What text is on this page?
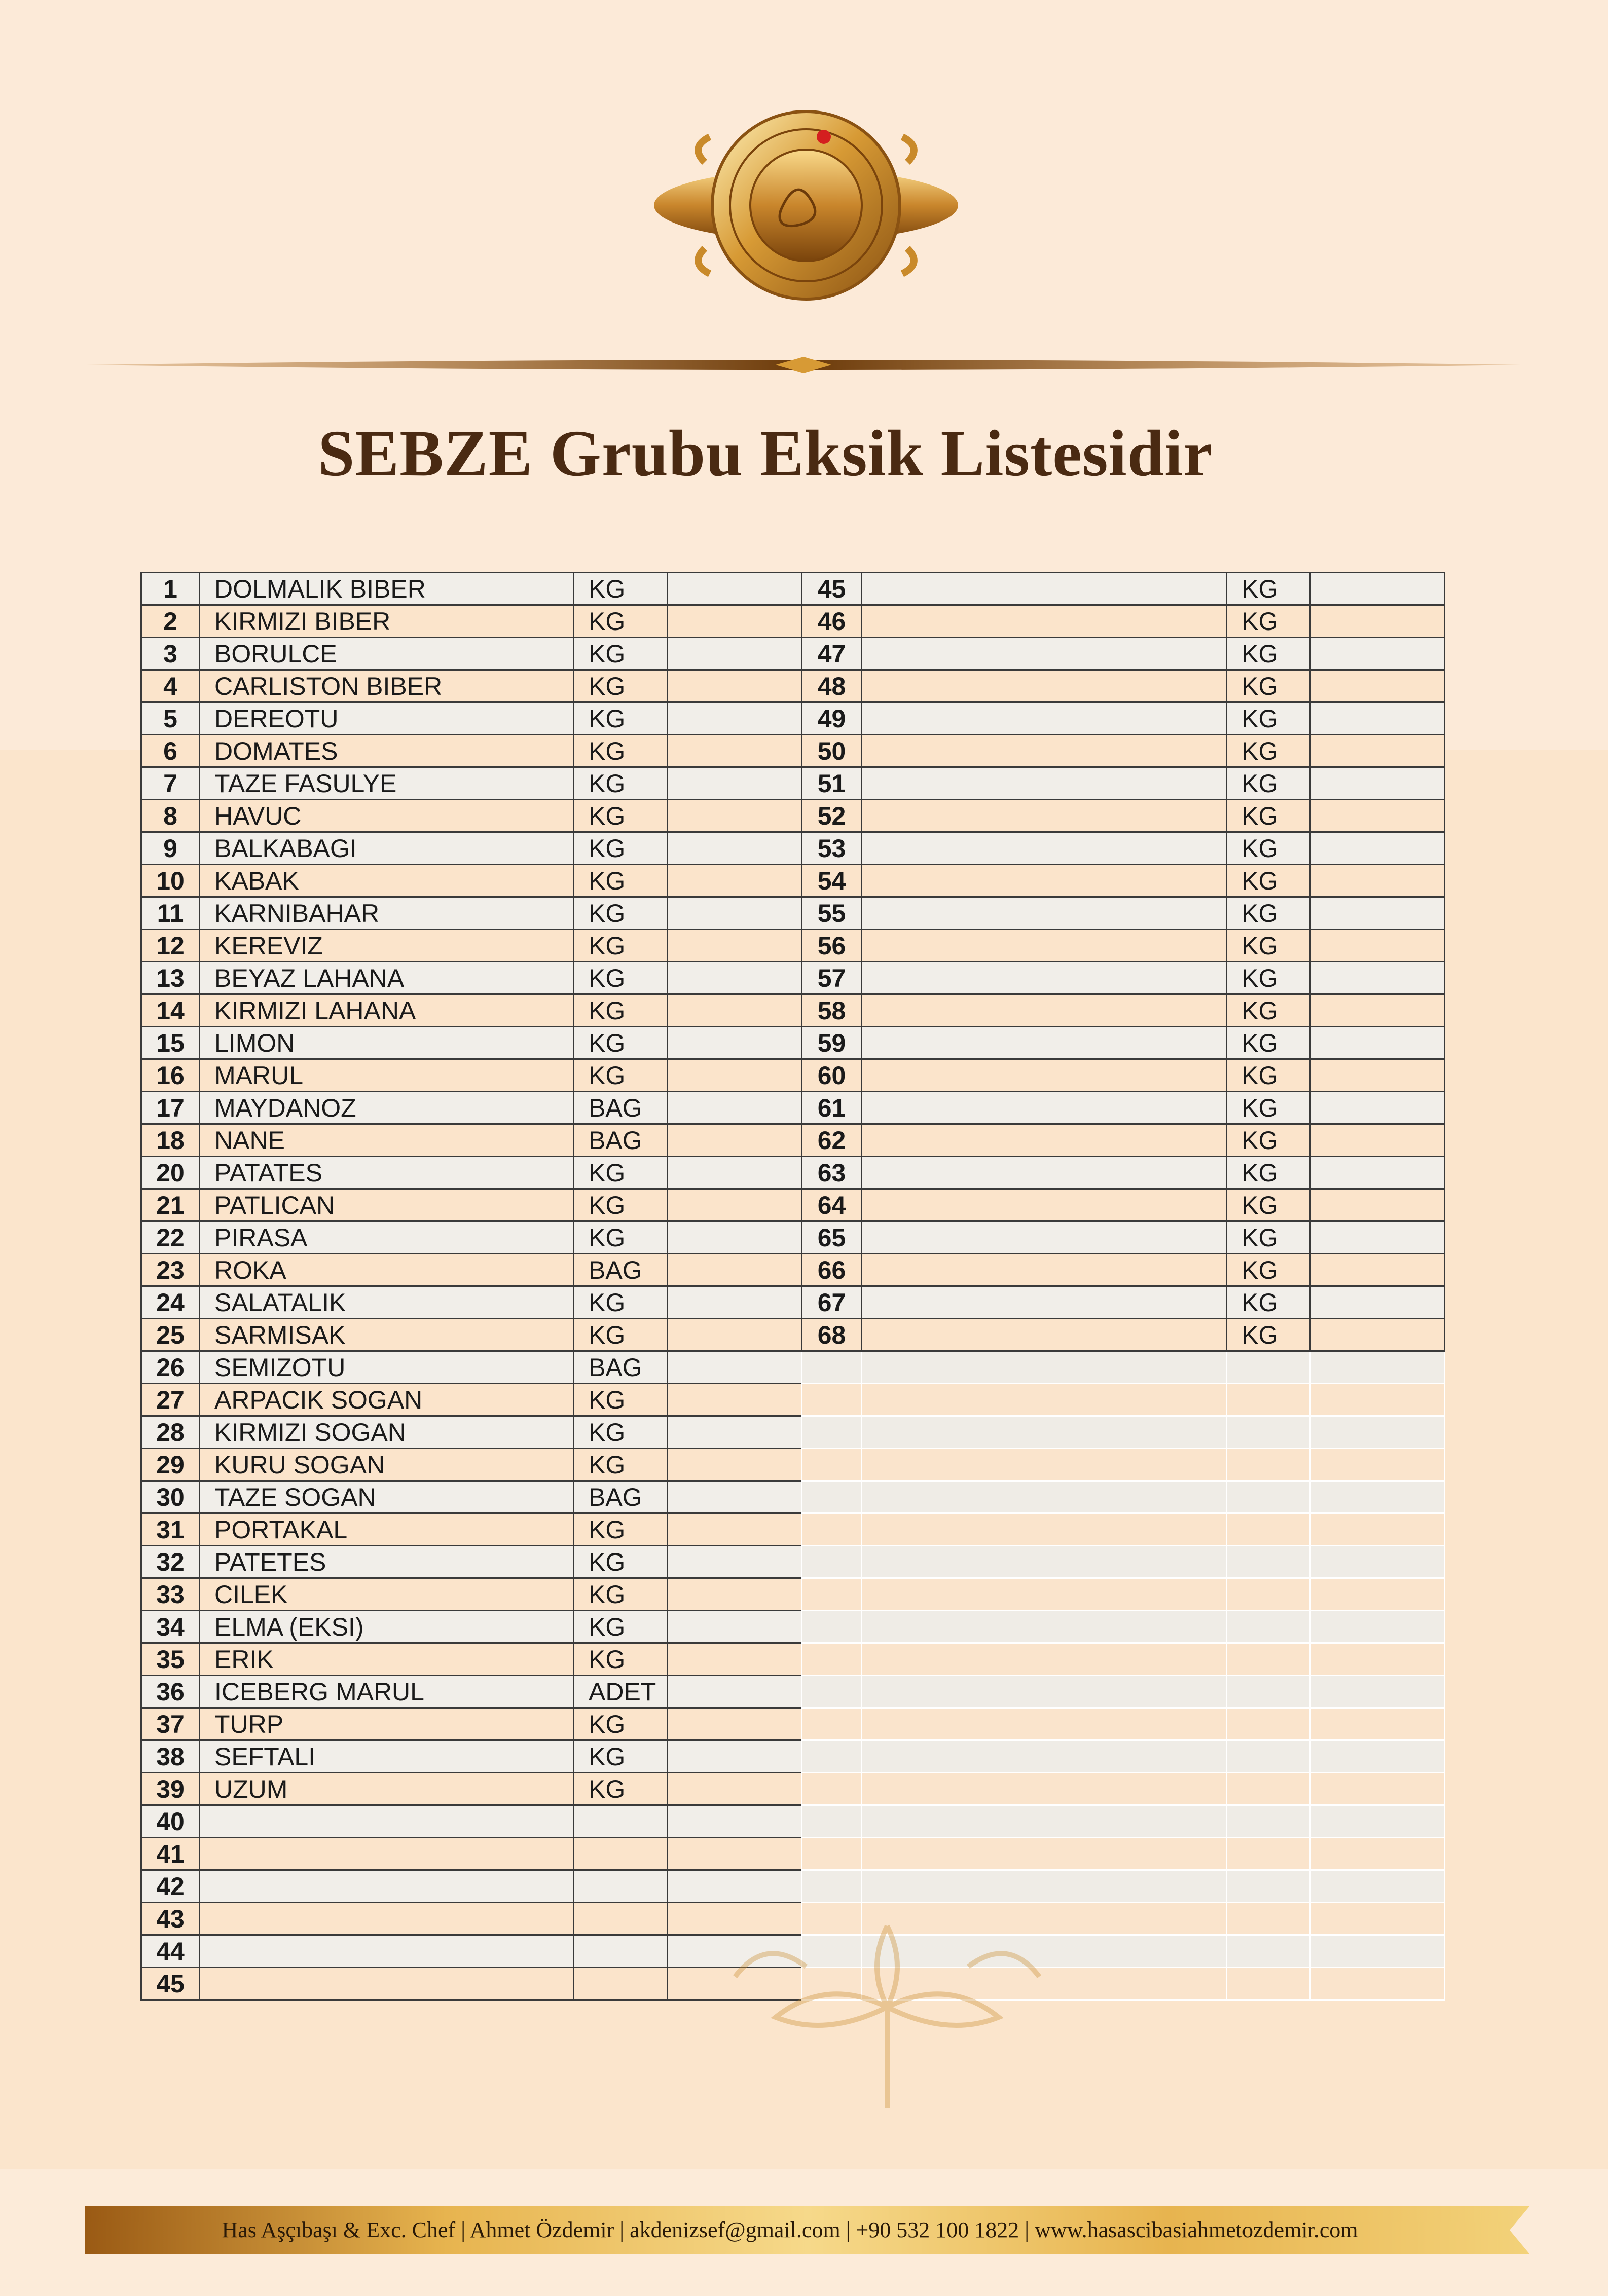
SEBZE Grubu Eksik Listesidir
1	DOLMALIK BIBER	KG	
2	KIRMIZI BIBER	KG	
3	BORULCE	KG	
4	CARLISTON BIBER	KG	
5	DEREOTU	KG	
6	DOMATES	KG	
7	TAZE FASULYE	KG	
8	HAVUC	KG	
9	BALKABAGI	KG	
10	KABAK	KG	
11	KARNIBAHAR	KG	
12	KEREVIZ	KG	
13	BEYAZ LAHANA	KG	
14	KIRMIZI LAHANA	KG	
15	LIMON	KG	
16	MARUL	KG	
17	MAYDANOZ	BAG	
18	NANE	BAG	
20	PATATES	KG	
21	PATLICAN	KG	
22	PIRASA	KG	
23	ROKA	BAG	
24	SALATALIK	KG	
25	SARMISAK	KG	
26	SEMIZOTU	BAG	
27	ARPACIK SOGAN	KG	
28	KIRMIZI SOGAN	KG	
29	KURU SOGAN	KG	
30	TAZE SOGAN	BAG	
31	PORTAKAL	KG	
32	PATETES	KG	
33	CILEK	KG	
34	ELMA (EKSI)	KG	
35	ERIK	KG	
36	ICEBERG MARUL	ADET	
37	TURP	KG	
38	SEFTALI	KG	
39	UZUM	KG	
40			
41			
42			
43			
44			
45			
45		KG	
46		KG	
47		KG	
48		KG	
49		KG	
50		KG	
51		KG	
52		KG	
53		KG	
54		KG	
55		KG	
56		KG	
57		KG	
58		KG	
59		KG	
60		KG	
61		KG	
62		KG	
63		KG	
64		KG	
65		KG	
66		KG	
67		KG	
68		KG	

Has Aşçıbaşı & Exc. Chef | Ahmet Özdemir | akdenizsef@gmail.com | +90 532 100 1822 | www.hasascibasiahmetozdemir.com
